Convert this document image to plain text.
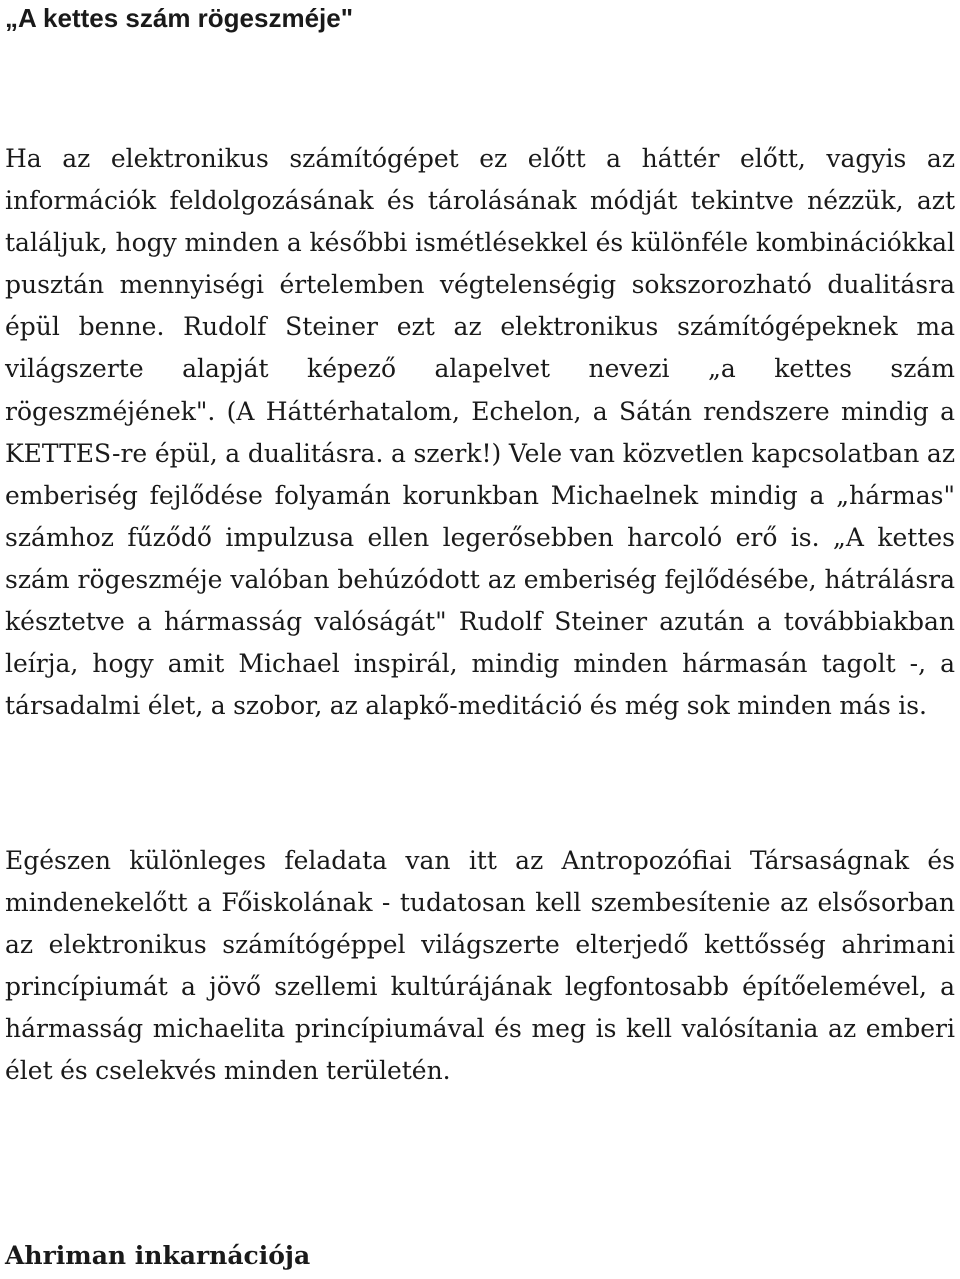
„A kettes szám rögeszméje"

Ha az elektronikus számítógépet ez előtt a háttér előtt, vagyis az információk feldolgozásának és tárolásának módját tekintve nézzük, azt találjuk, hogy minden a későbbi ismétlésekkel és különféle kombinációkkal pusztán mennyiségi értelemben végtelenségig sokszorozható dualitásra épül benne. Rudolf Steiner ezt az elektronikus számítógépeknek ma világszerte alapját képező alapelvet nevezi „a kettes szám rögeszméjének". (A Háttérhatalom, Echelon, a Sátán rendszere mindig a KETTES-re épül, a dualitásra. a szerk!) Vele van közvetlen kapcsolatban az emberiség fejlődése folyamán korunkban Michaelnek mindig a „hármas" számhoz fűződő impulzusa ellen legerősebben harcoló erő is. „A kettes szám rögeszméje valóban behúzódott az emberiség fejlődésébe, hátrálásra késztetve a hármasság valóságát" Rudolf Steiner azután a továbbiakban leírja, hogy amit Michael inspirál, mindig minden hármasán tagolt -, a társadalmi élet, a szobor, az alapkő-meditáció és még sok minden más is.

Egészen különleges feladata van itt az Antropozófiai Társaságnak és mindenekelőtt a Főiskolának - tudatosan kell szembesítenie az elsősorban az elektronikus számítógéppel világszerte elterjedő kettősség ahrimani princípiumát a jövő szellemi kultúrájának legfontosabb építőelemével, a hármasság michaelita princípiumával és meg is kell valósítania az emberi élet és cselekvés minden területén.

Ahriman inkarnációja
